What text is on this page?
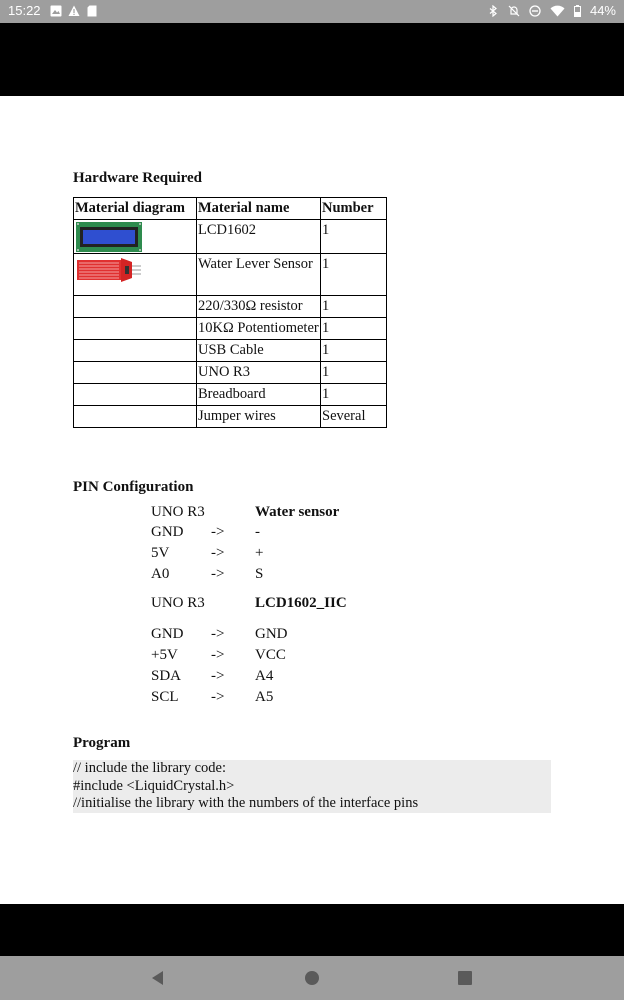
15:22	44%
Hardware Required
Material diagram	Material name	Number

	LCD1602	1

	Water Lever Sensor	1
	220/330Ω resistor	1
	10KΩ Potentiometer	1
	USB Cable	1
	UNO R3	1
	Breadboard	1
	Jumper wires	Several
PIN Configuration
UNO R3	Water sensor
GND -> -
5V	-> +
A0	-> S
UNO R3	LCD1602_IIC
GND -> GND
+5V -> VCC
SDA -> A4
SCL -> A5
Program
// include the library code:
#include <LiquidCrystal.h>
//initialise the library with the numbers of the interface pins
